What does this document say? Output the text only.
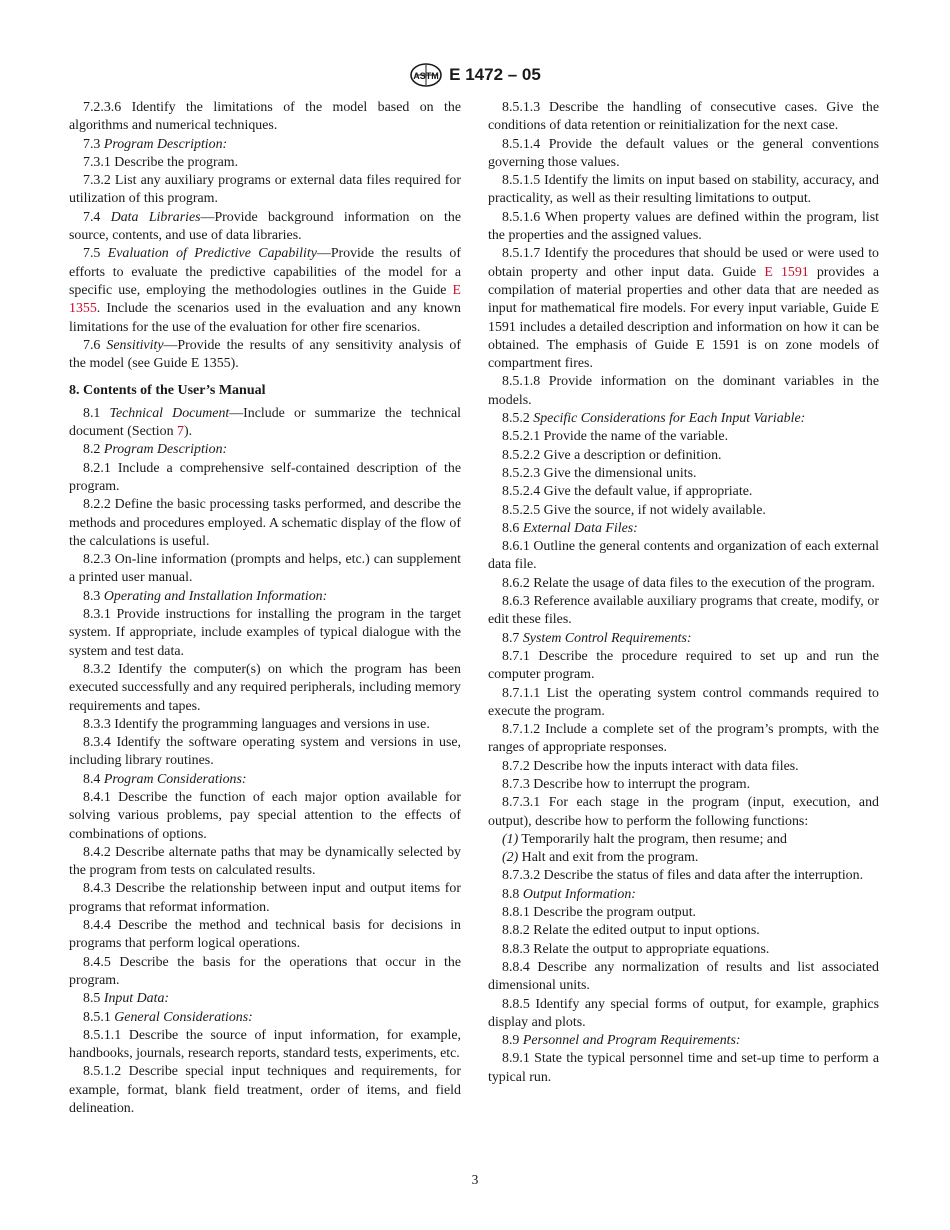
ASTM E 1472 – 05

7.2.3.6 Identify the limitations of the model based on the algorithms and numerical techniques.

7.3 Program Description:

7.3.1 Describe the program.

7.3.2 List any auxiliary programs or external data files required for utilization of this program.

7.4 Data Libraries—Provide background information on the source, contents, and use of data libraries.

7.5 Evaluation of Predictive Capability—Provide the results of efforts to evaluate the predictive capabilities of the model for a specific use, employing the methodologies outlines in the Guide E 1355. Include the scenarios used in the evaluation and any known limitations for the use of the evaluation for other fire scenarios.

7.6 Sensitivity—Provide the results of any sensitivity analysis of the model (see Guide E 1355).

8. Contents of the User’s Manual

8.1 Technical Document—Include or summarize the technical document (Section 7).

8.2 Program Description:

8.2.1 Include a comprehensive self-contained description of the program.

8.2.2 Define the basic processing tasks performed, and describe the methods and procedures employed. A schematic display of the flow of the calculations is useful.

8.2.3 On-line information (prompts and helps, etc.) can supplement a printed user manual.

8.3 Operating and Installation Information:

8.3.1 Provide instructions for installing the program in the target system. If appropriate, include examples of typical dialogue with the system and test data.

8.3.2 Identify the computer(s) on which the program has been executed successfully and any required peripherals, including memory requirements and tapes.

8.3.3 Identify the programming languages and versions in use.

8.3.4 Identify the software operating system and versions in use, including library routines.

8.4 Program Considerations:

8.4.1 Describe the function of each major option available for solving various problems, pay special attention to the effects of combinations of options.

8.4.2 Describe alternate paths that may be dynamically selected by the program from tests on calculated results.

8.4.3 Describe the relationship between input and output items for programs that reformat information.

8.4.4 Describe the method and technical basis for decisions in programs that perform logical operations.

8.4.5 Describe the basis for the operations that occur in the program.

8.5 Input Data:

8.5.1 General Considerations:

8.5.1.1 Describe the source of input information, for example, handbooks, journals, research reports, standard tests, experiments, etc.

8.5.1.2 Describe special input techniques and requirements, for example, format, blank field treatment, order of items, and field delineation.

8.5.1.3 Describe the handling of consecutive cases. Give the conditions of data retention or reinitialization for the next case.

8.5.1.4 Provide the default values or the general conventions governing those values.

8.5.1.5 Identify the limits on input based on stability, accuracy, and practicality, as well as their resulting limitations to output.

8.5.1.6 When property values are defined within the program, list the properties and the assigned values.

8.5.1.7 Identify the procedures that should be used or were used to obtain property and other input data. Guide E 1591 provides a compilation of material properties and other data that are needed as input for mathematical fire models. For every input variable, Guide E 1591 includes a detailed description and information on how it can be obtained. The emphasis of Guide E 1591 is on zone models of compartment fires.

8.5.1.8 Provide information on the dominant variables in the models.

8.5.2 Specific Considerations for Each Input Variable:

8.5.2.1 Provide the name of the variable.

8.5.2.2 Give a description or definition.

8.5.2.3 Give the dimensional units.

8.5.2.4 Give the default value, if appropriate.

8.5.2.5 Give the source, if not widely available.

8.6 External Data Files:

8.6.1 Outline the general contents and organization of each external data file.

8.6.2 Relate the usage of data files to the execution of the program.

8.6.3 Reference available auxiliary programs that create, modify, or edit these files.

8.7 System Control Requirements:

8.7.1 Describe the procedure required to set up and run the computer program.

8.7.1.1 List the operating system control commands required to execute the program.

8.7.1.2 Include a complete set of the program’s prompts, with the ranges of appropriate responses.

8.7.2 Describe how the inputs interact with data files.

8.7.3 Describe how to interrupt the program.

8.7.3.1 For each stage in the program (input, execution, and output), describe how to perform the following functions:

(1) Temporarily halt the program, then resume; and

(2) Halt and exit from the program.

8.7.3.2 Describe the status of files and data after the interruption.

8.8 Output Information:

8.8.1 Describe the program output.

8.8.2 Relate the edited output to input options.

8.8.3 Relate the output to appropriate equations.

8.8.4 Describe any normalization of results and list associated dimensional units.

8.8.5 Identify any special forms of output, for example, graphics display and plots.

8.9 Personnel and Program Requirements:

8.9.1 State the typical personnel time and set-up time to perform a typical run.

3
